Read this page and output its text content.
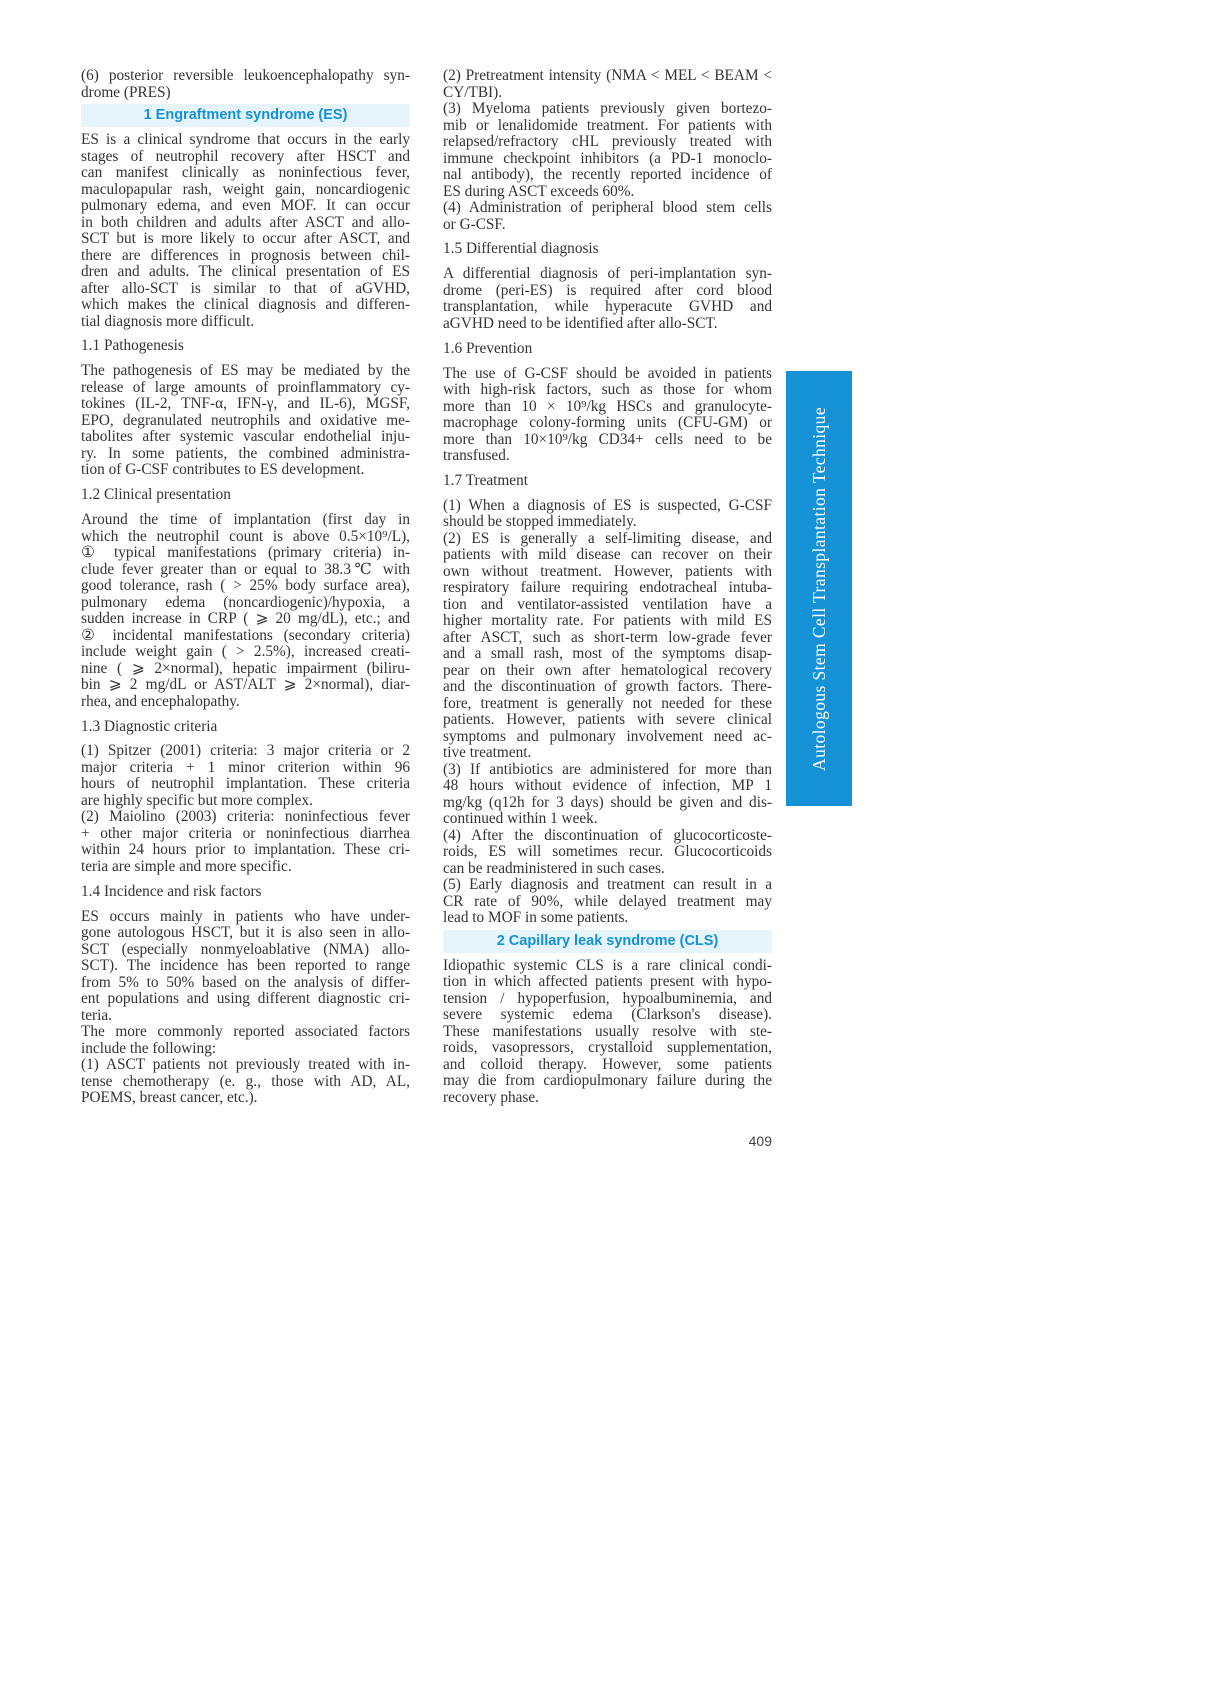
(6) posterior reversible leukoencephalopathy syn-
drome (PRES)
1 Engraftment syndrome (ES)
ES is a clinical syndrome that occurs in the early
stages of neutrophil recovery after HSCT and
can manifest clinically as noninfectious fever,
maculopapular rash, weight gain, noncardiogenic
pulmonary edema, and even MOF. It can occur
in both children and adults after ASCT and allo-
SCT but is more likely to occur after ASCT, and
there are differences in prognosis between chil-
dren and adults. The clinical presentation of ES
after allo-SCT is similar to that of aGVHD,
which makes the clinical diagnosis and differen-
tial diagnosis more difficult.
1.1 Pathogenesis
The pathogenesis of ES may be mediated by the
release of large amounts of proinflammatory cy-
tokines (IL-2, TNF-α, IFN-γ, and IL-6), MGSF,
EPO, degranulated neutrophils and oxidative me-
tabolites after systemic vascular endothelial inju-
ry. In some patients, the combined administra-
tion of G-CSF contributes to ES development.
1.2 Clinical presentation
Around the time of implantation (first day in
which the neutrophil count is above 0.5×10⁹/L),
① typical manifestations (primary criteria) in-
clude fever greater than or equal to 38.3℃ with
good tolerance, rash ( > 25% body surface area),
pulmonary edema (noncardiogenic)/hypoxia, a
sudden increase in CRP ( ⩾ 20 mg/dL), etc.; and
② incidental manifestations (secondary criteria)
include weight gain ( > 2.5%), increased creati-
nine ( ⩾ 2×normal), hepatic impairment (biliru-
bin ⩾ 2 mg/dL or AST/ALT ⩾ 2×normal), diar-
rhea, and encephalopathy.
1.3 Diagnostic criteria
(1) Spitzer (2001) criteria: 3 major criteria or 2
major criteria + 1 minor criterion within 96
hours of neutrophil implantation. These criteria
are highly specific but more complex.
(2) Maiolino (2003) criteria: noninfectious fever
+ other major criteria or noninfectious diarrhea
within 24 hours prior to implantation. These cri-
teria are simple and more specific.
1.4 Incidence and risk factors
ES occurs mainly in patients who have under-
gone autologous HSCT, but it is also seen in allo-
SCT (especially nonmyeloablative (NMA) allo-
SCT). The incidence has been reported to range
from 5% to 50% based on the analysis of differ-
ent populations and using different diagnostic cri-
teria.
The more commonly reported associated factors
include the following:
(1) ASCT patients not previously treated with in-
tense chemotherapy (e. g., those with AD, AL,
POEMS, breast cancer, etc.).
(2) Pretreatment intensity (NMA < MEL < BEAM <
CY/TBI).
(3) Myeloma patients previously given bortezo-
mib or lenalidomide treatment. For patients with
relapsed/refractory cHL previously treated with
immune checkpoint inhibitors (a PD-1 monoclo-
nal antibody), the recently reported incidence of
ES during ASCT exceeds 60%.
(4) Administration of peripheral blood stem cells
or G-CSF.
1.5 Differential diagnosis
A differential diagnosis of peri-implantation syn-
drome (peri-ES) is required after cord blood
transplantation, while hyperacute GVHD and
aGVHD need to be identified after allo-SCT.
1.6 Prevention
The use of G-CSF should be avoided in patients
with high-risk factors, such as those for whom
more than 10 × 10⁹/kg HSCs and granulocyte-
macrophage colony-forming units (CFU-GM) or
more than 10×10⁹/kg CD34+ cells need to be
transfused.
1.7 Treatment
(1) When a diagnosis of ES is suspected, G-CSF
should be stopped immediately.
(2) ES is generally a self-limiting disease, and
patients with mild disease can recover on their
own without treatment. However, patients with
respiratory failure requiring endotracheal intuba-
tion and ventilator-assisted ventilation have a
higher mortality rate. For patients with mild ES
after ASCT, such as short-term low-grade fever
and a small rash, most of the symptoms disap-
pear on their own after hematological recovery
and the discontinuation of growth factors. There-
fore, treatment is generally not needed for these
patients. However, patients with severe clinical
symptoms and pulmonary involvement need ac-
tive treatment.
(3) If antibiotics are administered for more than
48 hours without evidence of infection, MP 1
mg/kg (q12h for 3 days) should be given and dis-
continued within 1 week.
(4) After the discontinuation of glucocorticoste-
roids, ES will sometimes recur. Glucocorticoids
can be readministered in such cases.
(5) Early diagnosis and treatment can result in a
CR rate of 90%, while delayed treatment may
lead to MOF in some patients.
2 Capillary leak syndrome (CLS)
Idiopathic systemic CLS is a rare clinical condi-
tion in which affected patients present with hypo-
tension / hypoperfusion, hypoalbuminemia, and
severe systemic edema (Clarkson's disease).
These manifestations usually resolve with ste-
roids, vasopressors, crystalloid supplementation,
and colloid therapy. However, some patients
may die from cardiopulmonary failure during the
recovery phase.
Autologous Stem Cell Transplantation Technique
409
